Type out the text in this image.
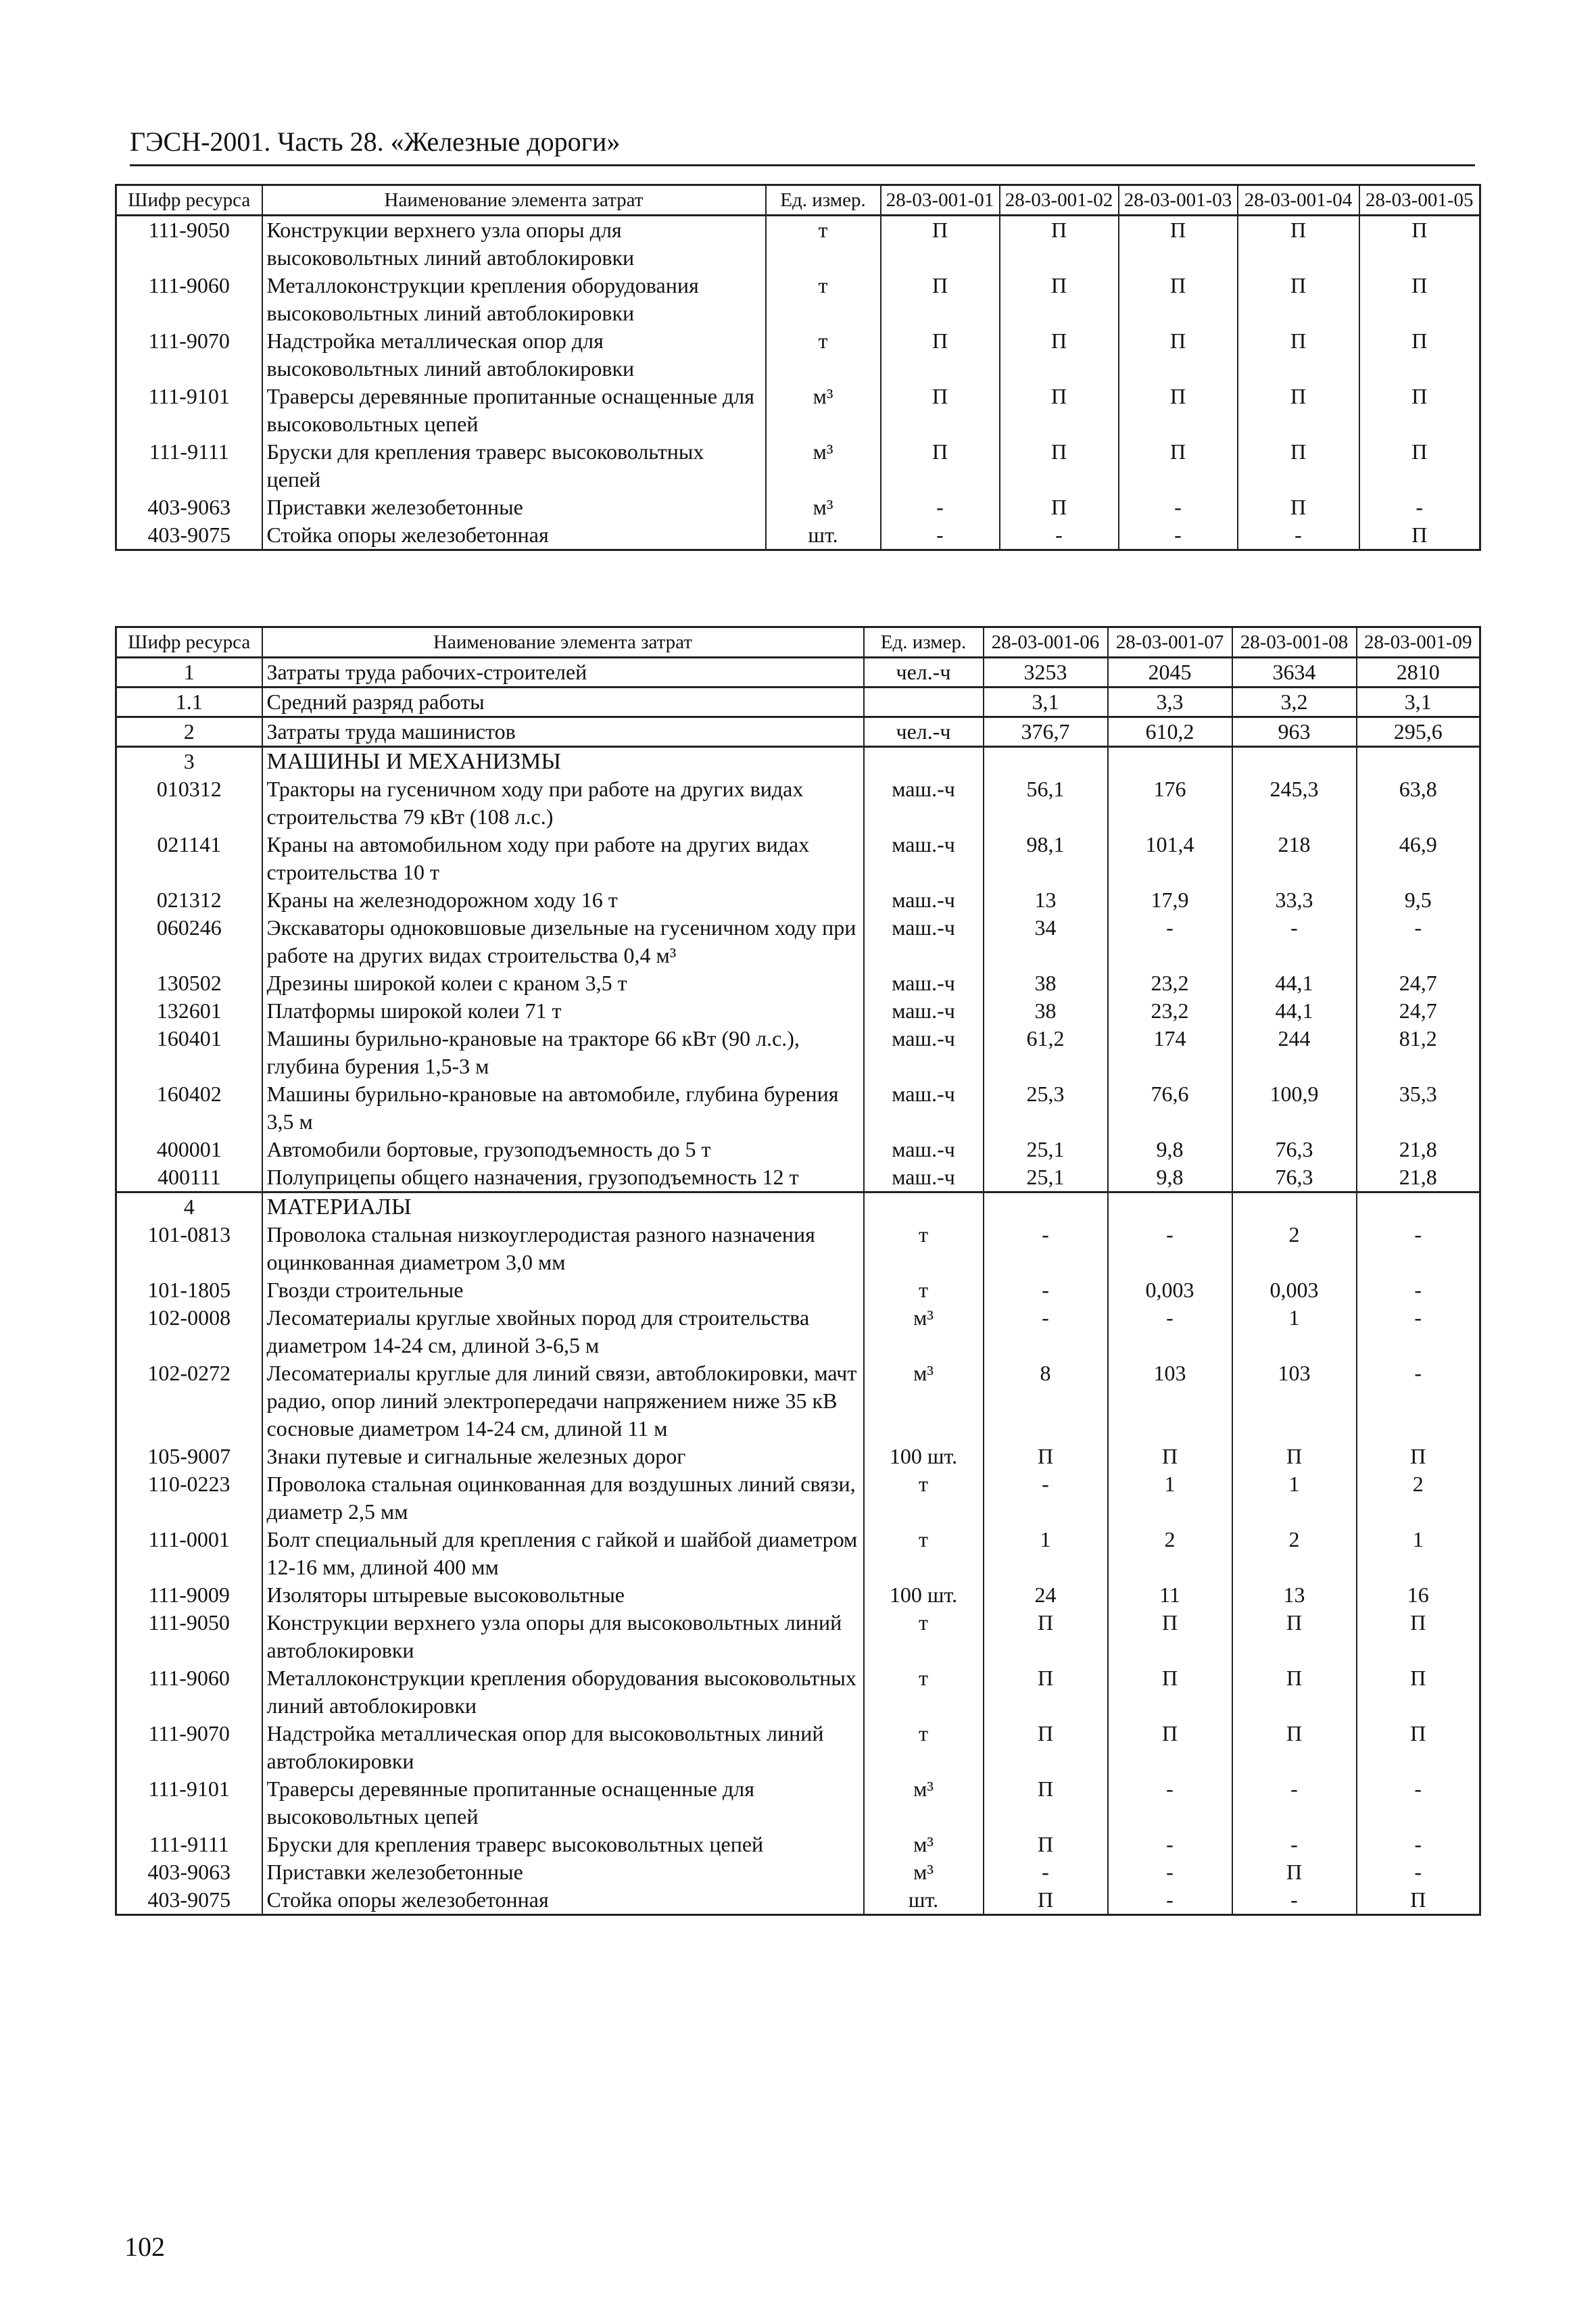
ГЭСН-2001. Часть 28. «Железные дороги»
Шифр ресурса	Наименование элемента затрат	Ед. измер.	28-03-001-01	28-03-001-02	28-03-001-03	28-03-001-04	28-03-001-05
111-9050	Конструкции верхнего узла опоры для высоковольтных линий автоблокировки	т	П	П	П	П	П
111-9060	Металлоконструкции крепления оборудования высоковольтных линий автоблокировки	т	П	П	П	П	П
111-9070	Надстройка металлическая опор для высоковольтных линий автоблокировки	т	П	П	П	П	П
111-9101	Траверсы деревянные пропитанные оснащенные для высоковольтных цепей	м³	П	П	П	П	П
111-9111	Бруски для крепления траверс высоковольтных цепей	м³	П	П	П	П	П
403-9063	Приставки железобетонные	м³	-	П	-	П	-
403-9075	Стойка опоры железобетонная	шт.	-	-	-	-	П
Шифр ресурса	Наименование элемента затрат	Ед. измер.	28-03-001-06	28-03-001-07	28-03-001-08	28-03-001-09
1	Затраты труда рабочих-строителей	чел.-ч	3253	2045	3634	2810
1.1	Средний разряд работы		3,1	3,3	3,2	3,1
2	Затраты труда машинистов	чел.-ч	376,7	610,2	963	295,6
3	МАШИНЫ И МЕХАНИЗМЫ					
010312	Тракторы на гусеничном ходу при работе на других видах строительства 79 кВт (108 л.с.)	маш.-ч	56,1	176	245,3	63,8
021141	Краны на автомобильном ходу при работе на других видах строительства 10 т	маш.-ч	98,1	101,4	218	46,9
021312	Краны на железнодорожном ходу 16 т	маш.-ч	13	17,9	33,3	9,5
060246	Экскаваторы одноковшовые дизельные на гусеничном ходу при работе на других видах строительства 0,4 м³	маш.-ч	34	-	-	-
130502	Дрезины широкой колеи с краном 3,5 т	маш.-ч	38	23,2	44,1	24,7
132601	Платформы широкой колеи 71 т	маш.-ч	38	23,2	44,1	24,7
160401	Машины бурильно-крановые на тракторе 66 кВт (90 л.с.), глубина бурения 1,5-3 м	маш.-ч	61,2	174	244	81,2
160402	Машины бурильно-крановые на автомобиле, глубина бурения 3,5 м	маш.-ч	25,3	76,6	100,9	35,3
400001	Автомобили бортовые, грузоподъемность до 5 т	маш.-ч	25,1	9,8	76,3	21,8
400111	Полуприцепы общего назначения, грузоподъемность 12 т	маш.-ч	25,1	9,8	76,3	21,8
4	МАТЕРИАЛЫ					
101-0813	Проволока стальная низкоуглеродистая разного назначения оцинкованная диаметром 3,0 мм	т	-	-	2	-
101-1805	Гвозди строительные	т	-	0,003	0,003	-
102-0008	Лесоматериалы круглые хвойных пород для строительства диаметром 14-24 см, длиной 3-6,5 м	м³	-	-	1	-
102-0272	Лесоматериалы круглые для линий связи, автоблокировки, мачт радио, опор линий электропередачи напряжением ниже 35 кВ сосновые диаметром 14-24 см, длиной 11 м	м³	8	103	103	-
105-9007	Знаки путевые и сигнальные железных дорог	100 шт.	П	П	П	П
110-0223	Проволока стальная оцинкованная для воздушных линий связи, диаметр 2,5 мм	т	-	1	1	2
111-0001	Болт специальный для крепления с гайкой и шайбой диаметром 12-16 мм, длиной 400 мм	т	1	2	2	1
111-9009	Изоляторы штыревые высоковольтные	100 шт.	24	11	13	16
111-9050	Конструкции верхнего узла опоры для высоковольтных линий автоблокировки	т	П	П	П	П
111-9060	Металлоконструкции крепления оборудования высоковольтных линий автоблокировки	т	П	П	П	П
111-9070	Надстройка металлическая опор для высоковольтных линий автоблокировки	т	П	П	П	П
111-9101	Траверсы деревянные пропитанные оснащенные для высоковольтных цепей	м³	П	-	-	-
111-9111	Бруски для крепления траверс высоковольтных цепей	м³	П	-	-	-
403-9063	Приставки железобетонные	м³	-	-	П	-
403-9075	Стойка опоры железобетонная	шт.	П	-	-	П
102
